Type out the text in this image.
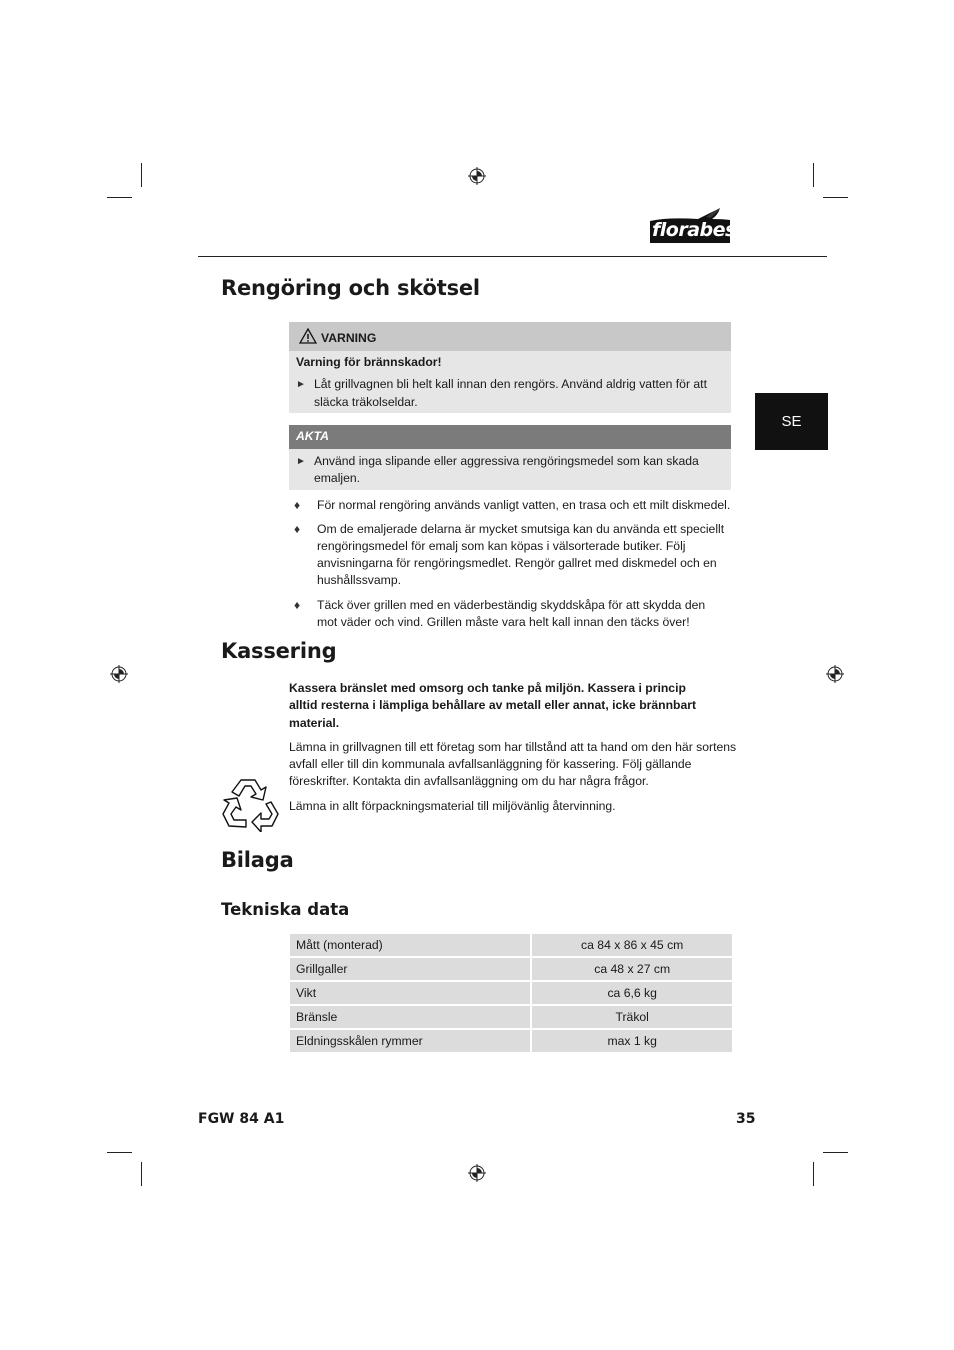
florabest
SE
Rengöring och skötsel
VARNING
Varning för brännskador!
► Låt grillvagnen bli helt kall innan den rengörs. Använd aldrig vatten för att
släcka träkolseldar.
AKTA
► Använd inga slipande eller aggressiva rengöringsmedel som kan skada
emaljen.
♦ För normal rengöring används vanligt vatten, en trasa och ett milt diskmedel.
♦ Om de emaljerade delarna är mycket smutsiga kan du använda ett speciellt
rengöringsmedel för emalj som kan köpas i välsorterade butiker. Följ
anvisningarna för rengöringsmedlet. Rengör gallret med diskmedel och en
hushållssvamp.
♦ Täck över grillen med en väderbeständig skyddskåpa för att skydda den
mot väder och vind. Grillen måste vara helt kall innan den täcks över!
Kassering
Kassera bränslet med omsorg och tanke på miljön. Kassera i princip
alltid resterna i lämpliga behållare av metall eller annat, icke brännbart
material.
Lämna in grillvagnen till ett företag som har tillstånd att ta hand om den här sortens
avfall eller till din kommunala avfallsanläggning för kassering. Följ gällande
föreskrifter. Kontakta din avfallsanläggning om du har några frågor.
Lämna in allt förpackningsmaterial till miljövänlig återvinning.
Bilaga
Tekniska data
Mått (monterad)	ca 84 x 86 x 45 cm
Grillgaller	ca 48 x 27 cm
Vikt	ca 6,6 kg
Bränsle	Träkol
Eldningsskålen rymmer	max 1 kg
FGW 84 A1	35
